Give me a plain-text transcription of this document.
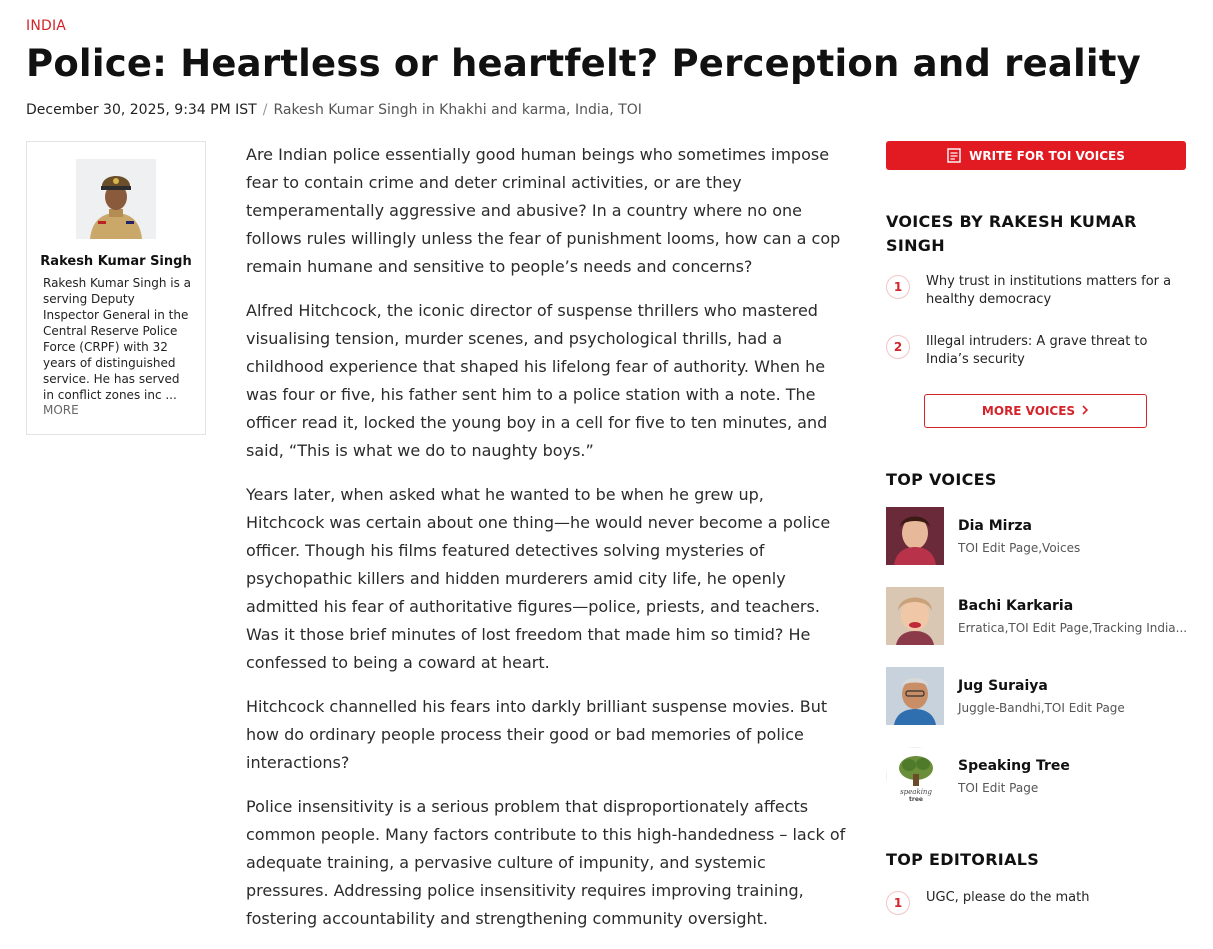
INDIA
Police: Heartless or heartfelt? Perception and reality
December 30, 2025, 9:34 PM IST / Rakesh Kumar Singh in Khakhi and karma, India, TOI
Rakesh Kumar Singh
Rakesh Kumar Singh is a serving Deputy Inspector General in the Central Reserve Police Force (CRPF) with 32 years of distinguished service. He has served in conflict zones inc ...
MORE

Are Indian police essentially good human beings who sometimes impose fear to contain crime and deter criminal activities, or are they temperamentally aggressive and abusive? In a country where no one follows rules willingly unless the fear of punishment looms, how can a cop remain humane and sensitive to people’s needs and concerns?

Alfred Hitchcock, the iconic director of suspense thrillers who mastered visualising tension, murder scenes, and psychological thrills, had a childhood experience that shaped his lifelong fear of authority. When he was four or five, his father sent him to a police station with a note. The officer read it, locked the young boy in a cell for five to ten minutes, and said, “This is what we do to naughty boys.”

Years later, when asked what he wanted to be when he grew up, Hitchcock was certain about one thing—he would never become a police officer. Though his films featured detectives solving mysteries of psychopathic killers and hidden murderers amid city life, he openly admitted his fear of authoritative figures—police, priests, and teachers. Was it those brief minutes of lost freedom that made him so timid? He confessed to being a coward at heart.

Hitchcock channelled his fears into darkly brilliant suspense movies. But how do ordinary people process their good or bad memories of police interactions?

Police insensitivity is a serious problem that disproportionately affects common people. Many factors contribute to this high-handedness – lack of adequate training, a pervasive culture of impunity, and systemic pressures. Addressing police insensitivity requires improving training, fostering accountability and strengthening community oversight.

WRITE FOR TOI VOICES
VOICES BY RAKESH KUMAR SINGH
1	Why trust in institutions matters for a healthy democracy
2	Illegal intruders: A grave threat to India’s security
MORE VOICES
TOP VOICES
Dia Mirza
TOI Edit Page,Voices
Bachi Karkaria
Erratica,TOI Edit Page,Tracking India...
Jug Suraiya
Juggle-Bandhi,TOI Edit Page
speaking
tree
Speaking Tree
TOI Edit Page
TOP EDITORIALS
1	UGC, please do the math
